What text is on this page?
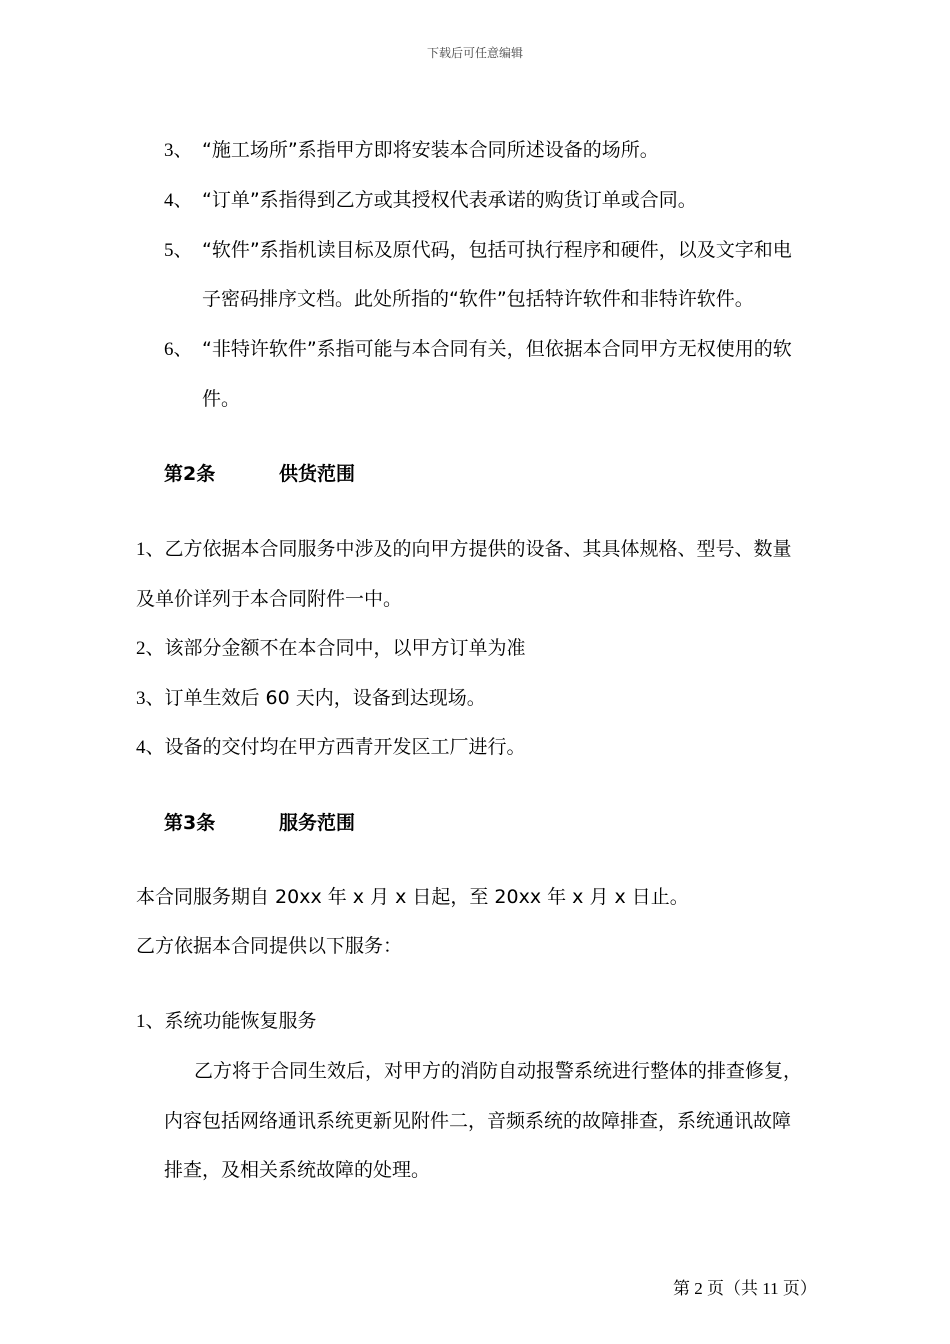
下载后可任意编辑
3、 “施工场所”系指甲方即将安装本合同所述设备的场所。
4、 “订单”系指得到乙方或其授权代表承诺的购货订单或合同。
5、 “软件”系指机读目标及原代码，包括可执行程序和硬件，以及文字和电
子密码排序文档。此处所指的“软件”包括特许软件和非特许软件。
6、 “非特许软件”系指可能与本合同有关，但依据本合同甲方无权使用的软
件。
第2条	供货范围
1、乙方依据本合同服务中涉及的向甲方提供的设备、其具体规格、型号、数量
及单价详列于本合同附件一中。
2、该部分金额不在本合同中，以甲方订单为准
3、订单生效后 60 天内，设备到达现场。
4、设备的交付均在甲方西青开发区工厂进行。
第3条	服务范围
本合同服务期自 20xx 年 x 月 x 日起，至 20xx 年 x 月 x 日止。
乙方依据本合同提供以下服务：
1、系统功能恢复服务
乙方将于合同生效后，对甲方的消防自动报警系统进行整体的排查修复，
内容包括网络通讯系统更新见附件二，音频系统的故障排查，系统通讯故障
排查，及相关系统故障的处理。
第 2 页（共 11 页）
